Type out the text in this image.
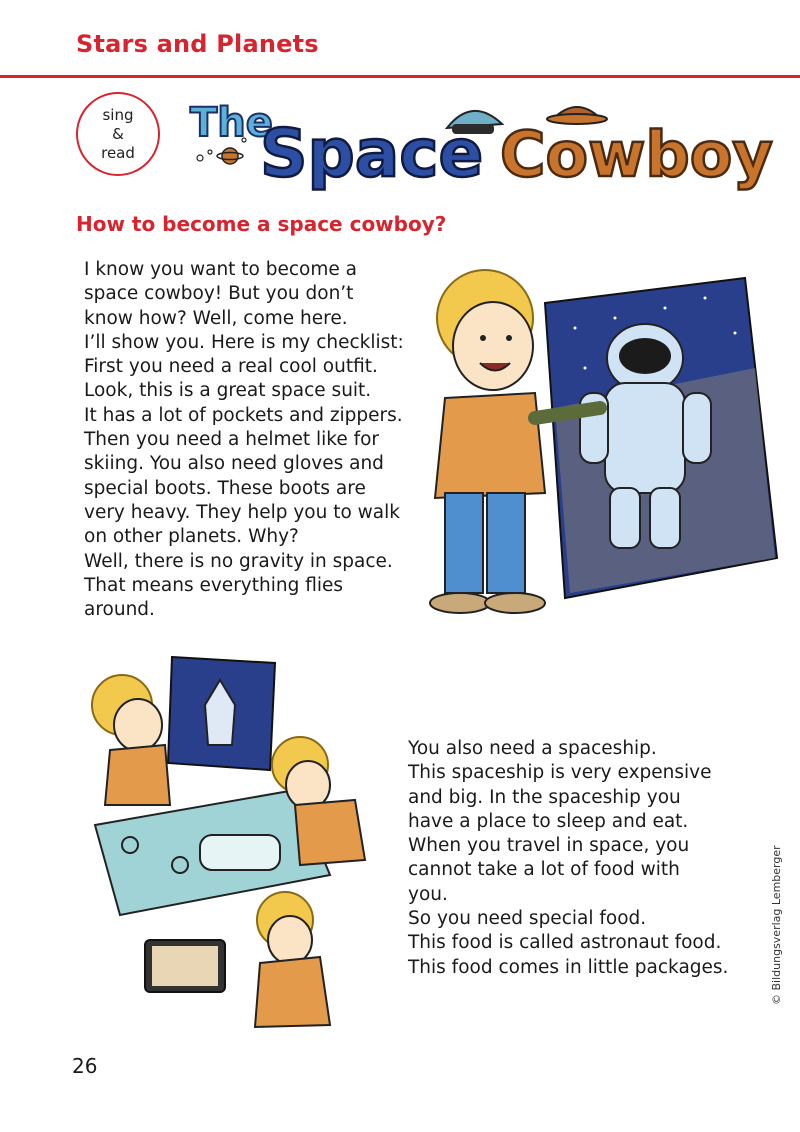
Stars and Planets
sing
&
read
The
Space Cowboy
How to become a space cowboy?
I know you want to become a
space cowboy! But you don’t
know how? Well, come here.
I’ll show you. Here is my checklist:
First you need a real cool outfit.
Look, this is a great space suit.
It has a lot of pockets and zippers.
Then you need a helmet like for
skiing. You also need gloves and
special boots. These boots are
very heavy. They help you to walk
on other planets. Why?
Well, there is no gravity in space.
That means everything flies
around.
You also need a spaceship.
This spaceship is very expensive
and big. In the spaceship you
have a place to sleep and eat.
When you travel in space, you
cannot take a lot of food with
you.
So you need special food.
This food is called astronaut food.
This food comes in little packages.	© Bildungsverlag Lemberger
26
